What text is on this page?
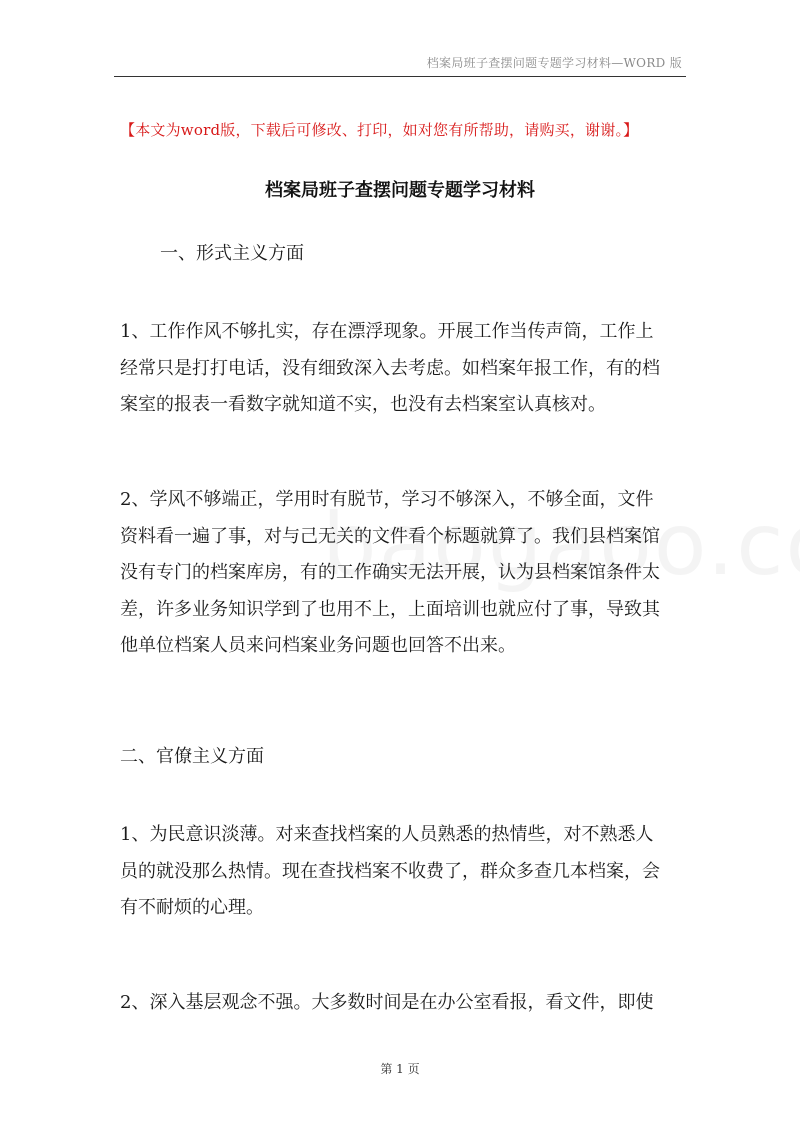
档案局班子查摆问题专题学习材料—WORD 版
【本文为word版，下载后可修改、打印，如对您有所帮助，请购买，谢谢。】
档案局班子查摆问题专题学习材料
一、形式主义方面

1、工作作风不够扎实，存在漂浮现象。开展工作当传声筒，工作上
经常只是打打电话，没有细致深入去考虑。如档案年报工作，有的档
案室的报表一看数字就知道不实，也没有去档案室认真核对。

2、学风不够端正，学用时有脱节，学习不够深入，不够全面，文件
资料看一遍了事，对与己无关的文件看个标题就算了。我们县档案馆
没有专门的档案库房，有的工作确实无法开展，认为县档案馆条件太
差，许多业务知识学到了也用不上，上面培训也就应付了事，导致其
他单位档案人员来问档案业务问题也回答不出来。

二、官僚主义方面

1、为民意识淡薄。对来查找档案的人员熟悉的热情些，对不熟悉人
员的就没那么热情。现在查找档案不收费了，群众多查几本档案，会
有不耐烦的心理。

2、深入基层观念不强。大多数时间是在办公室看报，看文件，即使

第 1 页
